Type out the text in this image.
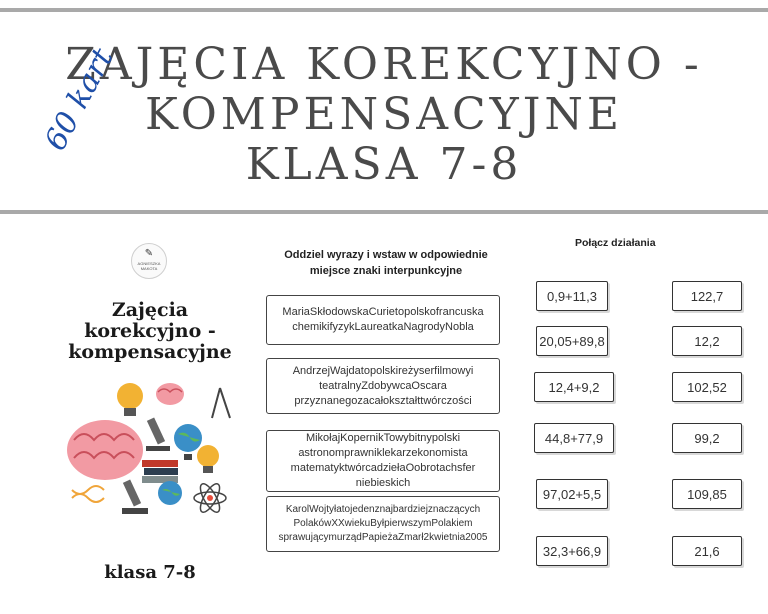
ZAJĘCIA KOREKCYJNO -
KOMPENSACYJNE
KLASA 7-8
60 kart
✎
AGNIESZKA MAKOTA
Zajęcia
korekcyjno -
kompensacyjne
klasa 7-8
Oddziel wyrazy i wstaw w odpowiednie miejsce znaki interpunkcyjne
MariaSkłodowskaCurietopolskofrancuska chemikifyzykLaureatkaNagrodyNobla
AndrzejWajdatopolskireżyserfilmowyi teatralnyZdobywcaOscara przyznanegozacałokształttwórczości
MikołajKopernikTowybitnypolski astronomprawniklekarzekonomista matematyktwórcadziełaOobrotachsfer niebieskich
KarolWojtyłatojedenznajbardziejznaczących PolakówXXwiekuByłpierwszymPolakiem sprawującymurządPapieżaZmarł2kwietnia2005
Połącz działania
0,9+11,3
20,05+89,8
12,4+9,2
44,8+77,9
97,02+5,5
32,3+66,9
122,7
12,2
102,52
99,2
109,85
21,6
